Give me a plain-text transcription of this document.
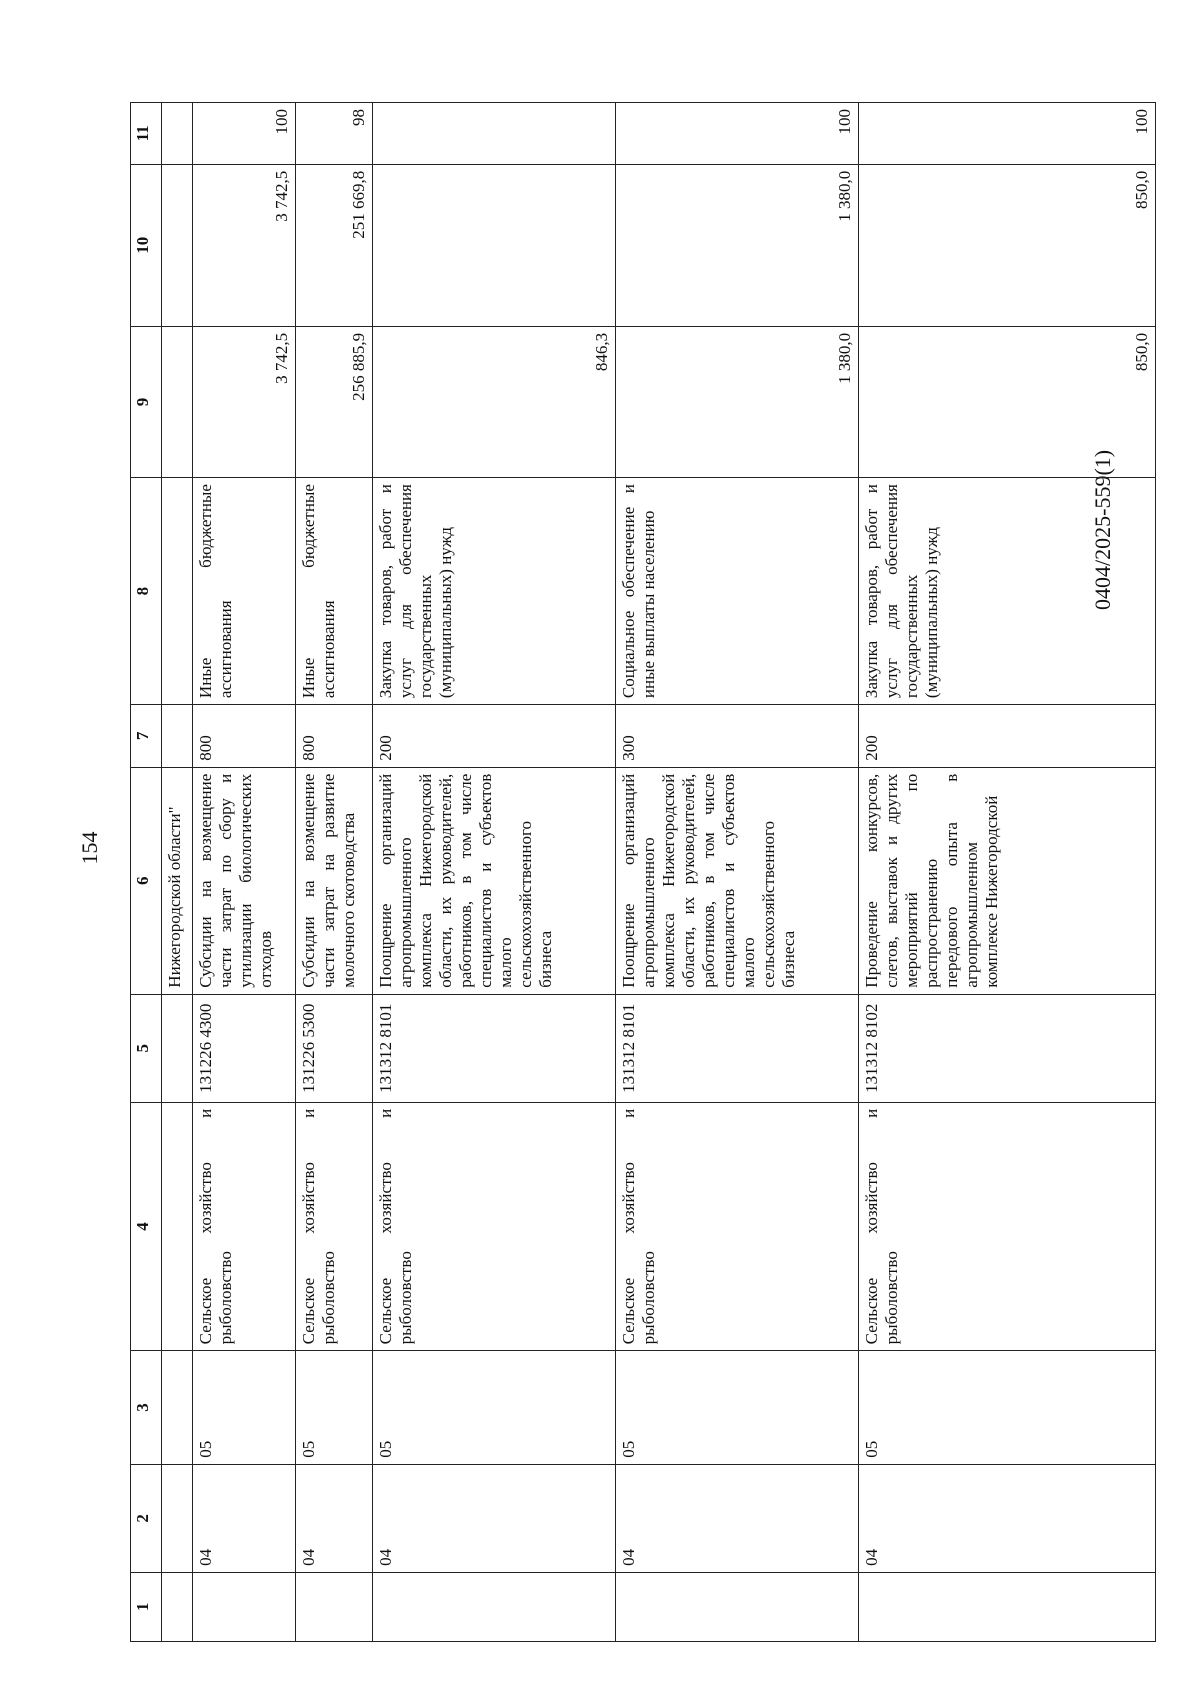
154
0404/2025-559(1)
1	2	3	4	5	6	7	8	9	10	11
					Нижегородской области"					
	04	05	Сельское хозяйство и рыболовство	131226 4300	Субсидии на возмещение части затрат по сбору и утилизации биологических отходов	800	Иные бюджетные ассигнования	3 742,5	3 742,5	100
	04	05	Сельское хозяйство и рыболовство	131226 5300	Субсидии на возмещение части затрат на развитие молочного скотоводства	800	Иные бюджетные ассигнования	256 885,9	251 669,8	98
	04	05	Сельское хозяйство и рыболовство	131312 8101	Поощрение организаций агропромышленного комплекса Нижегородской области, их руководителей, работников, в том числе специалистов и субъектов малого сельскохозяйственного бизнеса	200	Закупка товаров, работ и услуг для обеспечения государственных (муниципальных) нужд	846,3		
	04	05	Сельское хозяйство и рыболовство	131312 8101	Поощрение организаций агропромышленного комплекса Нижегородской области, их руководителей, работников, в том числе специалистов и субъектов малого сельскохозяйственного бизнеса	300	Социальное обеспечение и иные выплаты населению	1 380,0	1 380,0	100
	04	05	Сельское хозяйство и рыболовство	131312 8102	Проведение конкурсов, слетов, выставок и других мероприятий по распространению передового опыта в агропромышленном комплексе Нижегородской	200	Закупка товаров, работ и услуг для обеспечения государственных (муниципальных) нужд	850,0	850,0	100
